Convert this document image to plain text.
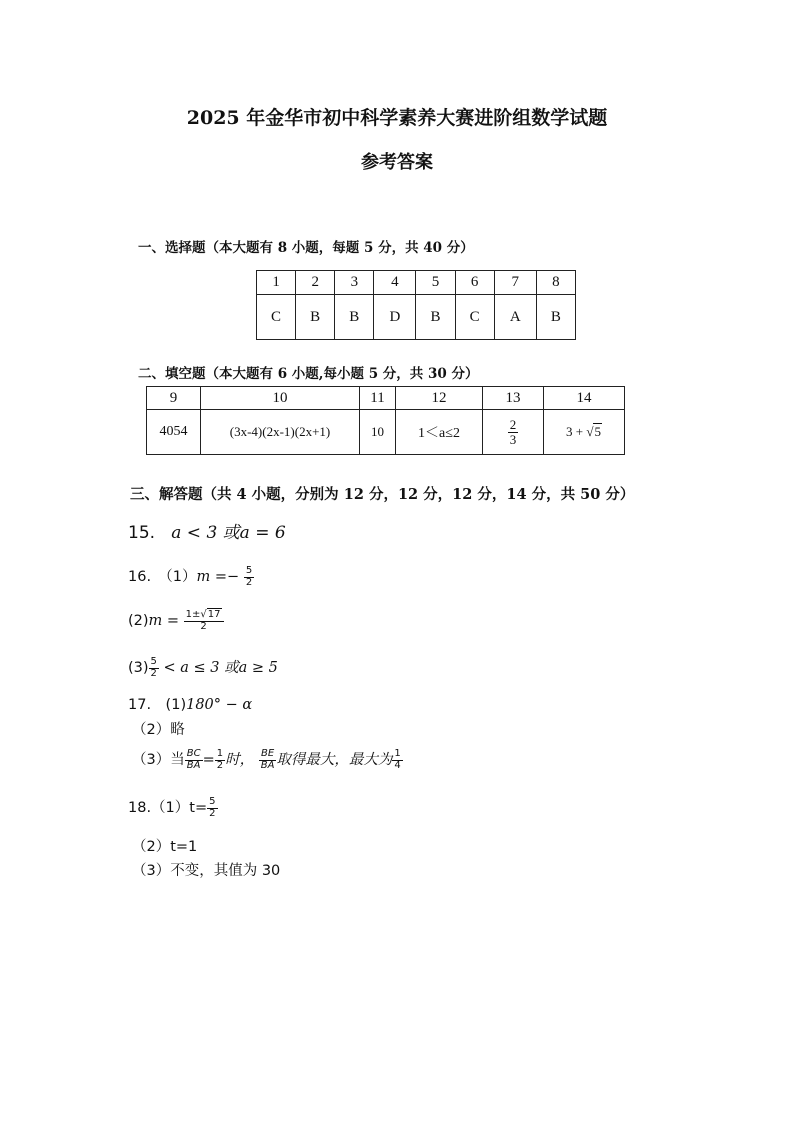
2025 年金华市初中科学素养大赛进阶组数学试题
参考答案
一、选择题（本大题有 8 小题，每题 5 分，共 40 分）
1	2	3	4	5	6	7	8
C	B	B	D	B	C	A	B
二、填空题（本大题有 6 小题,每小题 5 分，共 30 分）
9	10	11	12	13	14
4054	(3x-4)(2x-1)(2x+1)	10	1＜a≤2	$\frac{2}{3}$	3 + √5
三、解答题（共 4 小题，分别为 12 分，12 分，12 分，14 分，共 50 分）
15. a < 3 或a = 6
16.　$(1)m =- \frac{5}{2}$
$(2)m = \frac{1\pm√17}{2}$
$(3) \frac{5}{2} < a \le 3$ 或a ≥ 5
17.　(1)180° − α
（2）略
（3）当 $\frac{BC}{BA} = \frac{1}{2}$ 时， $\frac{BE}{BA}$ 取得最大，最大为 $\frac{1}{4}$
$18.(1)t= \frac{5}{2}$
（2）t=1
（3）不变，其值为 30
